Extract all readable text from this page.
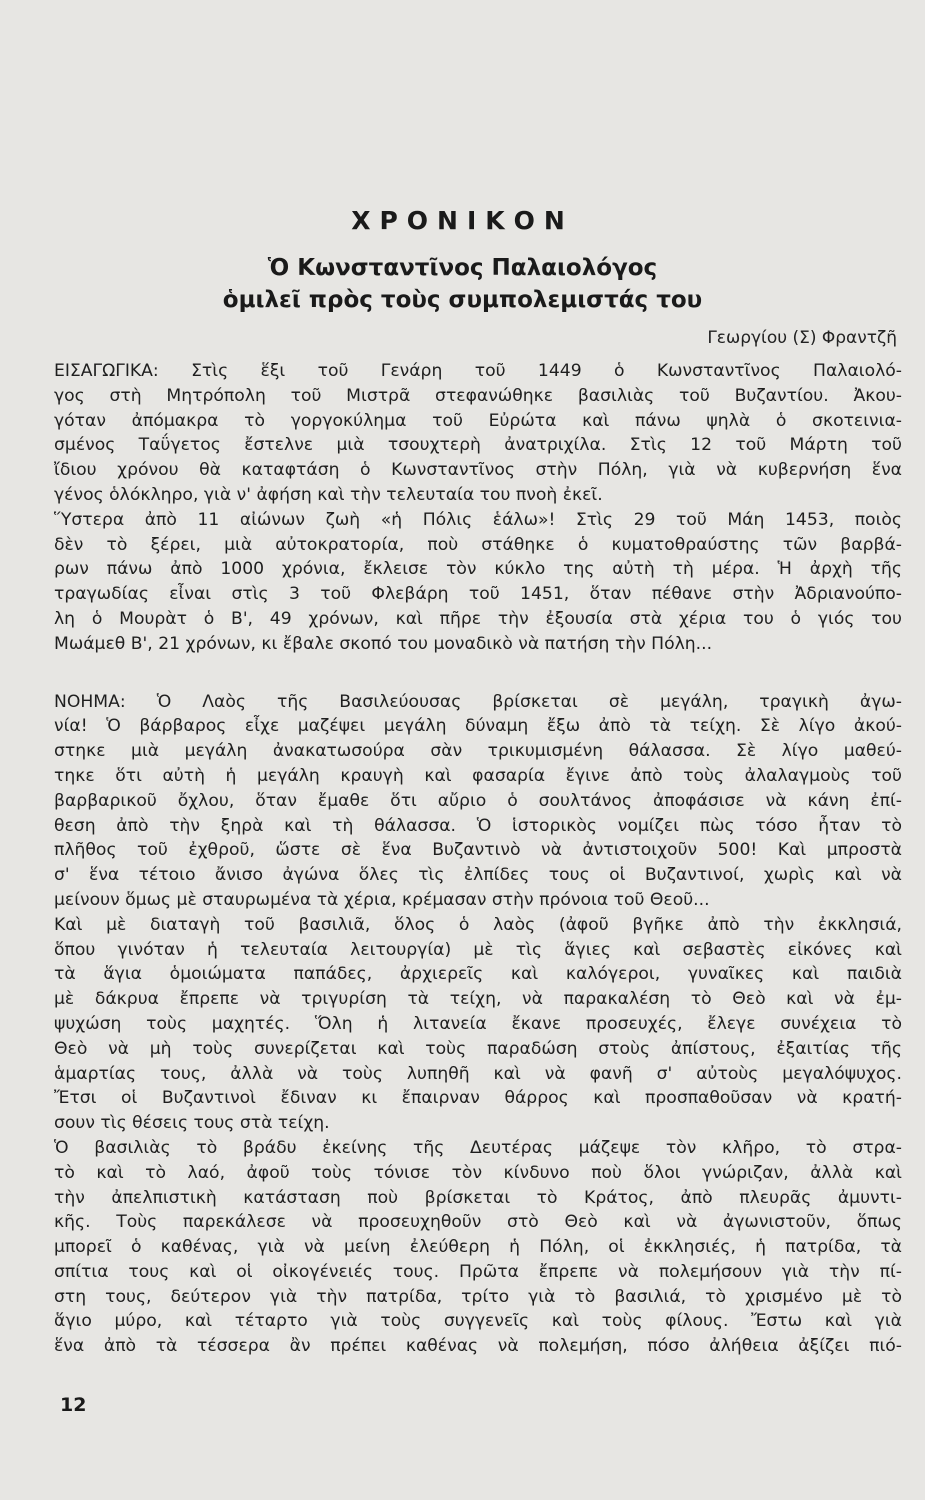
ΧΡΟΝΙΚΟΝ
Ὁ Κωνσταντῖνος Παλαιολόγος
ὁμιλεῖ πρὸς τοὺς συμπολεμιστάς του
Γεωργίου (Σ) Φραντζῆ
ΕΙΣΑΓΩΓΙΚΑ: Στὶς ἕξι τοῦ Γενάρη τοῦ 1449 ὁ Κωνσταντῖνος Παλαιολό-
γος στὴ Μητρόπολη τοῦ Μιστρᾶ στεφανώθηκε βασιλιὰς τοῦ Βυζαντίου. Ἀκου-
γόταν ἀπόμακρα τὸ γοργοκύλημα τοῦ Εὐρώτα καὶ πάνω ψηλὰ ὁ σκοτεινια-
σμένος Ταΰγετος ἔστελνε μιὰ τσουχτερὴ ἀνατριχίλα. Στὶς 12 τοῦ Μάρτη τοῦ
ἴδιου χρόνου θὰ καταφτάση ὁ Κωνσταντῖνος στὴν Πόλη, γιὰ νὰ κυβερνήση ἕνα
γένος ὁλόκληρο, γιὰ ν' ἀφήση καὶ τὴν τελευταία του πνοὴ ἐκεῖ.
Ὕστερα ἀπὸ 11 αἰώνων ζωὴ «ἡ Πόλις ἑάλω»! Στὶς 29 τοῦ Μάη 1453, ποιὸς
δὲν τὸ ξέρει, μιὰ αὐτοκρατορία, ποὺ στάθηκε ὁ κυματοθραύστης τῶν βαρβά-
ρων πάνω ἀπὸ 1000 χρόνια, ἔκλεισε τὸν κύκλο της αὐτὴ τὴ μέρα. Ἡ ἀρχὴ τῆς
τραγωδίας εἶναι στὶς 3 τοῦ Φλεβάρη τοῦ 1451, ὅταν πέθανε στὴν Ἀδριανούπο-
λη ὁ Μουρὰτ ὁ Β', 49 χρόνων, καὶ πῆρε τὴν ἐξουσία στὰ χέρια του ὁ γιός του
Μωάμεθ Β', 21 χρόνων, κι ἔβαλε σκοπό του μοναδικὸ νὰ πατήση τὴν Πόλη...
ΝΟΗΜΑ: Ὁ Λαὸς τῆς Βασιλεύουσας βρίσκεται σὲ μεγάλη, τραγικὴ ἀγω-
νία! Ὁ βάρβαρος εἶχε μαζέψει μεγάλη δύναμη ἔξω ἀπὸ τὰ τείχη. Σὲ λίγο ἀκού-
στηκε μιὰ μεγάλη ἀνακατωσούρα σὰν τρικυμισμένη θάλασσα. Σὲ λίγο μαθεύ-
τηκε ὅτι αὐτὴ ἡ μεγάλη κραυγὴ καὶ φασαρία ἔγινε ἀπὸ τοὺς ἀλαλαγμοὺς τοῦ
βαρβαρικοῦ ὄχλου, ὅταν ἔμαθε ὅτι αὔριο ὁ σουλτάνος ἀποφάσισε νὰ κάνη ἐπί-
θεση ἀπὸ τὴν ξηρὰ καὶ τὴ θάλασσα. Ὁ ἱστορικὸς νομίζει πὼς τόσο ἦταν τὸ
πλῆθος τοῦ ἐχθροῦ, ὥστε σὲ ἕνα Βυζαντινὸ νὰ ἀντιστοιχοῦν 500! Καὶ μπροστὰ
σ' ἕνα τέτοιο ἄνισο ἀγώνα ὅλες τὶς ἐλπίδες τους οἱ Βυζαντινοί, χωρὶς καὶ νὰ
μείνουν ὅμως μὲ σταυρωμένα τὰ χέρια, κρέμασαν στὴν πρόνοια τοῦ Θεοῦ...
Καὶ μὲ διαταγὴ τοῦ βασιλιᾶ, ὅλος ὁ λαὸς (ἀφοῦ βγῆκε ἀπὸ τὴν ἐκκλησιά,
ὅπου γινόταν ἡ τελευταία λειτουργία) μὲ τὶς ἅγιες καὶ σεβαστὲς εἰκόνες καὶ
τὰ ἅγια ὁμοιώματα παπάδες, ἀρχιερεῖς καὶ καλόγεροι, γυναῖκες καὶ παιδιὰ
μὲ δάκρυα ἔπρεπε νὰ τριγυρίση τὰ τείχη, νὰ παρακαλέση τὸ Θεὸ καὶ νὰ ἐμ-
ψυχώση τοὺς μαχητές. Ὅλη ἡ λιτανεία ἔκανε προσευχές, ἔλεγε συνέχεια τὸ
Θεὸ νὰ μὴ τοὺς συνερίζεται καὶ τοὺς παραδώση στοὺς ἀπίστους, ἐξαιτίας τῆς
ἁμαρτίας τους, ἀλλὰ νὰ τοὺς λυπηθῆ καὶ νὰ φανῆ σ' αὐτοὺς μεγαλόψυχος.
Ἔτσι οἱ Βυζαντινοὶ ἔδιναν κι ἔπαιρναν θάρρος καὶ προσπαθοῦσαν νὰ κρατή-
σουν τὶς θέσεις τους στὰ τείχη.
Ὁ βασιλιὰς τὸ βράδυ ἐκείνης τῆς Δευτέρας μάζεψε τὸν κλῆρο, τὸ στρα-
τὸ καὶ τὸ λαό, ἀφοῦ τοὺς τόνισε τὸν κίνδυνο ποὺ ὅλοι γνώριζαν, ἀλλὰ καὶ
τὴν ἀπελπιστικὴ κατάσταση ποὺ βρίσκεται τὸ Κράτος, ἀπὸ πλευρᾶς ἀμυντι-
κῆς. Τοὺς παρεκάλεσε νὰ προσευχηθοῦν στὸ Θεὸ καὶ νὰ ἀγωνιστοῦν, ὅπως
μπορεῖ ὁ καθένας, γιὰ νὰ μείνη ἐλεύθερη ἡ Πόλη, οἱ ἐκκλησιές, ἡ πατρίδα, τὰ
σπίτια τους καὶ οἱ οἰκογένειές τους. Πρῶτα ἔπρεπε νὰ πολεμήσουν γιὰ τὴν πί-
στη τους, δεύτερον γιὰ τὴν πατρίδα, τρίτο γιὰ τὸ βασιλιά, τὸ χρισμένο μὲ τὸ
ἅγιο μύρο, καὶ τέταρτο γιὰ τοὺς συγγενεῖς καὶ τοὺς φίλους. Ἔστω καὶ γιὰ
ἕνα ἀπὸ τὰ τέσσερα ἂν πρέπει καθένας νὰ πολεμήση, πόσο ἀλήθεια ἀξίζει πιό-
12
